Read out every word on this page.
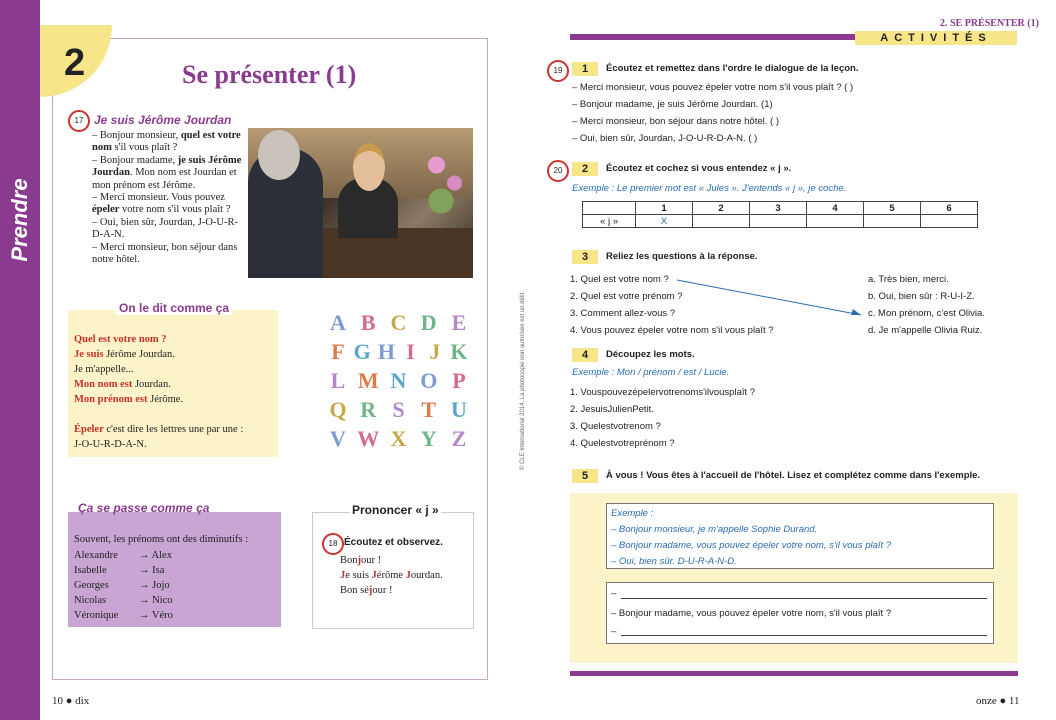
Prendre contact
2	Se présenter (1)
17 Je suis Jérôme Jourdan

– Bonjour monsieur, quel est votre nom s'il vous plaît ?

– Bonjour madame, je suis Jérôme Jourdan. Mon nom est Jourdan et mon prénom est Jérôme.

– Merci monsieur. Vous pouvez épeler votre nom s'il vous plaît ?

– Oui, bien sûr, Jourdan, J-O-U-R-D-A-N.

– Merci monsieur, bon séjour dans notre hôtel.

On le dit comme ça

Quel est votre nom ?

Je suis Jérôme Jourdan.

Je m'appelle...

Mon nom est Jourdan.

Mon prénom est Jérôme.

Épeler c'est dire les lettres une par une :

J-O-U-R-D-A-N.

A B C D E
F G H I J K
L M N O P
Q R S T U
V W X Y Z
Ça se passe comme ça
Souvent, les prénoms ont des diminutifs :
Alexandre	→ Alex
Isabelle	→ Isa
Georges	→ Jojo
Nicolas	→ Nico
Véronique	→ Véro
Prononcer « j »
18 Écoutez et observez.

Bonjour !

Je suis Jérôme Jourdan.

Bon séjour !

10 ● dix
2. SE PRÉSENTER (1)
ACTIVITÉS
19	1	Écoutez et remettez dans l'ordre le dialogue de la leçon.
– Merci monsieur, vous pouvez épeler votre nom s'il vous plaît ? ( )
– Bonjour madame, je suis Jérôme Jourdan. (1)
– Merci monsieur, bon séjour dans notre hôtel. ( )
– Oui, bien sûr, Jourdan, J-O-U-R-D-A-N. ( )
20	2	Écoutez et cochez si vous entendez « j ».
Exemple : Le premier mot est « Jules ». J'entends « j », je coche.
	1	2	3	4	5	6
« j »	X					
3	Reliez les questions à la réponse.
1. Quel est votre nom ?
2. Quel est votre prénom ?
3. Comment allez-vous ?
4. Vous pouvez épeler votre nom s'il vous plaît ?
a. Très bien, merci.
b. Oui, bien sûr : R-U-I-Z.
c. Mon prénom, c'est Olivia.
d. Je m'appelle Olivia Ruiz.
4	Découpez les mots.
Exemple : Mon / prénom / est / Lucie.
1. Vouspouvezépelervotrenoms'ilvousplaît ?
2. JesuisJulienPetit.
3. Quelestvotrenom ?
4. Quelestvotreprénom ?
5	À vous ! Vous êtes à l'accueil de l'hôtel. Lisez et complétez comme dans l'exemple.
Exemple :
– Bonjour monsieur, je m'appelle Sophie Durand.
– Bonjour madame, vous pouvez épeler votre nom, s'il vous plaît ?
– Oui, bien sûr. D-U-R-A-N-D.
–
– Bonjour madame, vous pouvez épeler votre nom, s'il vous plaît ?
–
© CLE International 2014. La photocopie non autorisée est un délit.
onze ● 11
